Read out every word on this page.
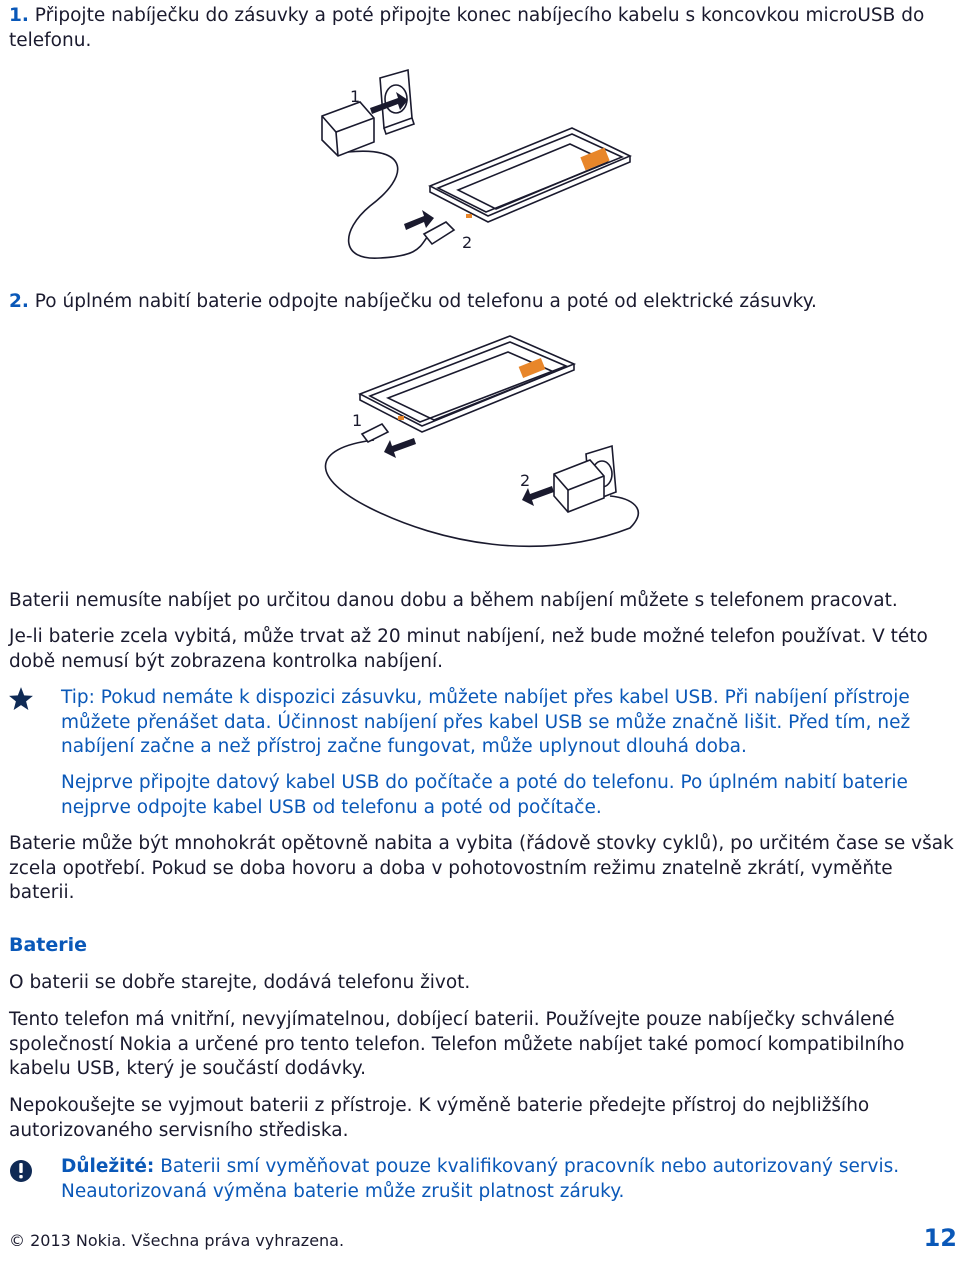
1. Připojte nabíječku do zásuvky a poté připojte konec nabíjecího kabelu s koncovkou microUSB do telefonu.

1
2

2. Po úplném nabití baterie odpojte nabíječku od telefonu a poté od elektrické zásuvky.

1
2

Baterii nemusíte nabíjet po určitou danou dobu a během nabíjení můžete s telefonem pracovat.

Je-li baterie zcela vybitá, může trvat až 20 minut nabíjení, než bude možné telefon používat. V této době nemusí být zobrazena kontrolka nabíjení.

Tip: Pokud nemáte k dispozici zásuvku, můžete nabíjet přes kabel USB. Při nabíjení přístroje můžete přenášet data. Účinnost nabíjení přes kabel USB se může značně lišit. Před tím, než nabíjení začne a než přístroj začne fungovat, může uplynout dlouhá doba.

Nejprve připojte datový kabel USB do počítače a poté do telefonu. Po úplném nabití baterie nejprve odpojte kabel USB od telefonu a poté od počítače.

Baterie může být mnohokrát opětovně nabita a vybita (řádově stovky cyklů), po určitém čase se však zcela opotřebí. Pokud se doba hovoru a doba v pohotovostním režimu znatelně zkrátí, vyměňte baterii.

Baterie

O baterii se dobře starejte, dodává telefonu život.

Tento telefon má vnitřní, nevyjímatelnou, dobíjecí baterii. Používejte pouze nabíječky schválené společností Nokia a určené pro tento telefon. Telefon můžete nabíjet také pomocí kompatibilního kabelu USB, který je součástí dodávky.

Nepokoušejte se vyjmout baterii z přístroje. K výměně baterie předejte přístroj do nejbližšího autorizovaného servisního střediska.

Důležité: Baterii smí vyměňovat pouze kvalifikovaný pracovník nebo autorizovaný servis. Neautorizovaná výměna baterie může zrušit platnost záruky.

© 2013 Nokia. Všechna práva vyhrazena.	12
